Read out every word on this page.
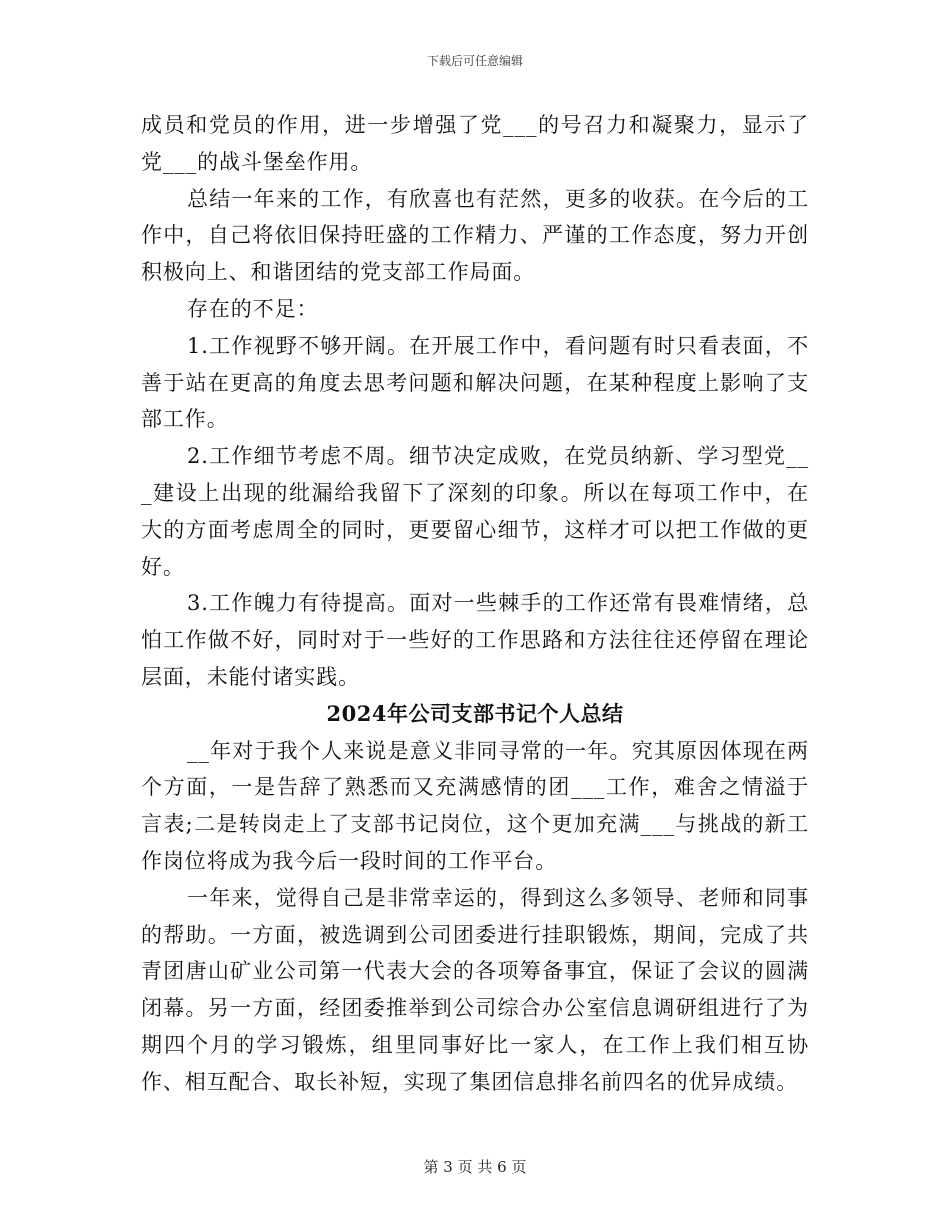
下载后可任意编辑

成员和党员的作用，进一步增强了党___的号召力和凝聚力，显示了党___的战斗堡垒作用。

总结一年来的工作，有欣喜也有茫然，更多的收获。在今后的工作中，自己将依旧保持旺盛的工作精力、严谨的工作态度，努力开创积极向上、和谐团结的党支部工作局面。

存在的不足：

1.工作视野不够开阔。在开展工作中，看问题有时只看表面，不善于站在更高的角度去思考问题和解决问题，在某种程度上影响了支部工作。

2.工作细节考虑不周。细节决定成败，在党员纳新、学习型党___建设上出现的纰漏给我留下了深刻的印象。所以在每项工作中，在大的方面考虑周全的同时，更要留心细节，这样才可以把工作做的更好。

3.工作魄力有待提高。面对一些棘手的工作还常有畏难情绪，总怕工作做不好，同时对于一些好的工作思路和方法往往还停留在理论层面，未能付诸实践。

2024年公司支部书记个人总结

__年对于我个人来说是意义非同寻常的一年。究其原因体现在两个方面，一是告辞了熟悉而又充满感情的团___工作，难舍之情溢于言表;二是转岗走上了支部书记岗位，这个更加充满___与挑战的新工作岗位将成为我今后一段时间的工作平台。

一年来，觉得自己是非常幸运的，得到这么多领导、老师和同事的帮助。一方面，被选调到公司团委进行挂职锻炼，期间，完成了共青团唐山矿业公司第一代表大会的各项筹备事宜，保证了会议的圆满闭幕。另一方面，经团委推举到公司综合办公室信息调研组进行了为期四个月的学习锻炼，组里同事好比一家人，在工作上我们相互协作、相互配合、取长补短，实现了集团信息排名前四名的优异成绩。

第 3 页 共 6 页
